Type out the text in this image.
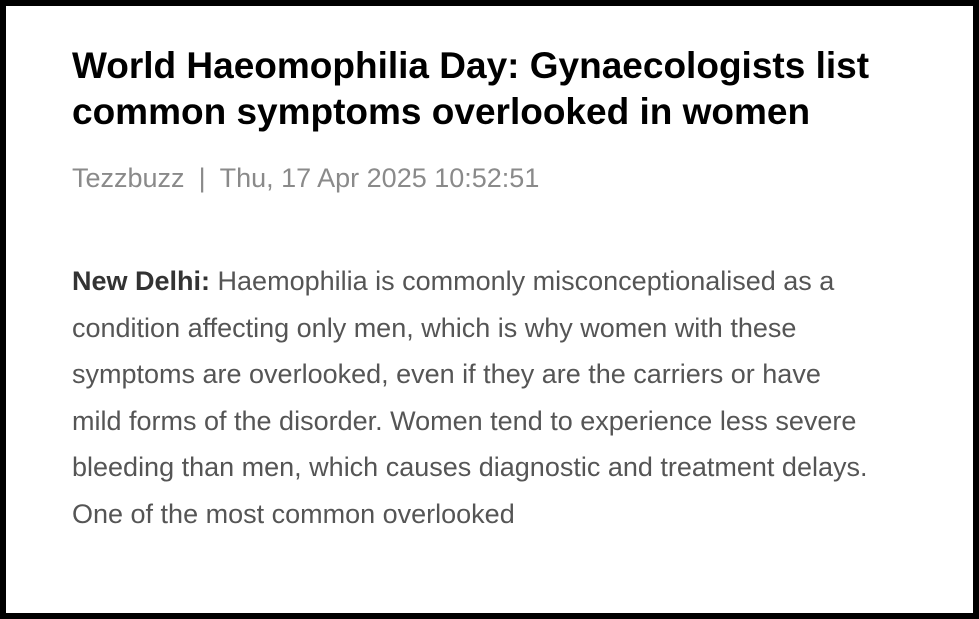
World Haeomophilia Day: Gynaecologists list common symptoms overlooked in women
Tezzbuzz | Thu, 17 Apr 2025 10:52:51

New Delhi: Haemophilia is commonly misconceptionalised as a condition affecting only men, which is why women with these symptoms are overlooked, even if they are the carriers or have mild forms of the disorder. Women tend to experience less severe bleeding than men, which causes diagnostic and treatment delays. One of the most common overlooked
